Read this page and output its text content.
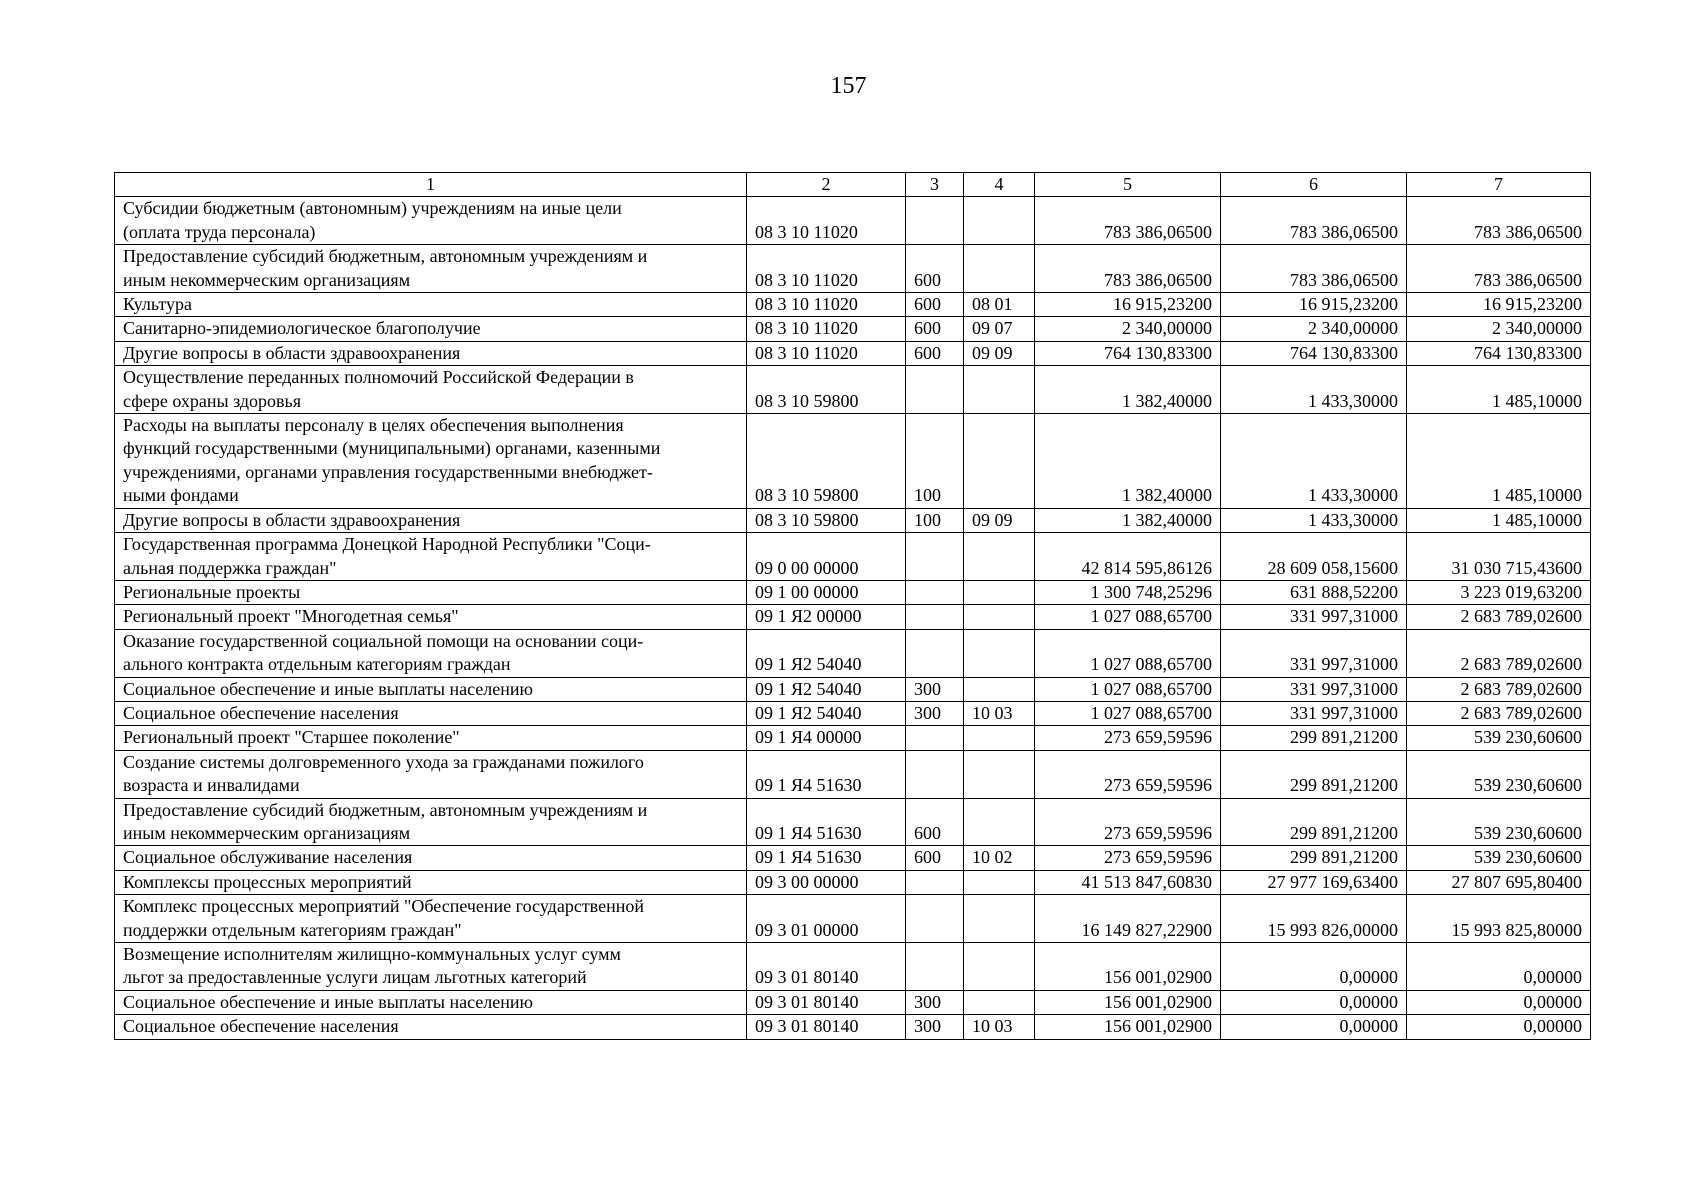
157
1	2	3	4	5	6	7
Субсидии бюджетным (автономным) учреждениям на иные цели
(оплата труда персонала)	08 3 10 11020			783 386,06500	783 386,06500	783 386,06500
Предоставление субсидий бюджетным, автономным учреждениям и
иным некоммерческим организациям	08 3 10 11020	600		783 386,06500	783 386,06500	783 386,06500
Культура	08 3 10 11020	600	08 01	16 915,23200	16 915,23200	16 915,23200
Санитарно-эпидемиологическое благополучие	08 3 10 11020	600	09 07	2 340,00000	2 340,00000	2 340,00000
Другие вопросы в области здравоохранения	08 3 10 11020	600	09 09	764 130,83300	764 130,83300	764 130,83300
Осуществление переданных полномочий Российской Федерации в
сфере охраны здоровья	08 3 10 59800			1 382,40000	1 433,30000	1 485,10000
Расходы на выплаты персоналу в целях обеспечения выполнения
функций государственными (муниципальными) органами, казенными
учреждениями, органами управления государственными внебюджет-
ными фондами	08 3 10 59800	100		1 382,40000	1 433,30000	1 485,10000
Другие вопросы в области здравоохранения	08 3 10 59800	100	09 09	1 382,40000	1 433,30000	1 485,10000
Государственная программа Донецкой Народной Республики "Соци-
альная поддержка граждан"	09 0 00 00000			42 814 595,86126	28 609 058,15600	31 030 715,43600
Региональные проекты	09 1 00 00000			1 300 748,25296	631 888,52200	3 223 019,63200
Региональный проект "Многодетная семья"	09 1 Я2 00000			1 027 088,65700	331 997,31000	2 683 789,02600
Оказание государственной социальной помощи на основании соци-
ального контракта отдельным категориям граждан	09 1 Я2 54040			1 027 088,65700	331 997,31000	2 683 789,02600
Социальное обеспечение и иные выплаты населению	09 1 Я2 54040	300		1 027 088,65700	331 997,31000	2 683 789,02600
Социальное обеспечение населения	09 1 Я2 54040	300	10 03	1 027 088,65700	331 997,31000	2 683 789,02600
Региональный проект "Старшее поколение"	09 1 Я4 00000			273 659,59596	299 891,21200	539 230,60600
Создание системы долговременного ухода за гражданами пожилого
возраста и инвалидами	09 1 Я4 51630			273 659,59596	299 891,21200	539 230,60600
Предоставление субсидий бюджетным, автономным учреждениям и
иным некоммерческим организациям	09 1 Я4 51630	600		273 659,59596	299 891,21200	539 230,60600
Социальное обслуживание населения	09 1 Я4 51630	600	10 02	273 659,59596	299 891,21200	539 230,60600
Комплексы процессных мероприятий	09 3 00 00000			41 513 847,60830	27 977 169,63400	27 807 695,80400
Комплекс процессных мероприятий "Обеспечение государственной
поддержки отдельным категориям граждан"	09 3 01 00000			16 149 827,22900	15 993 826,00000	15 993 825,80000
Возмещение исполнителям жилищно-коммунальных услуг сумм
льгот за предоставленные услуги лицам льготных категорий	09 3 01 80140			156 001,02900	0,00000	0,00000
Социальное обеспечение и иные выплаты населению	09 3 01 80140	300		156 001,02900	0,00000	0,00000
Социальное обеспечение населения	09 3 01 80140	300	10 03	156 001,02900	0,00000	0,00000
